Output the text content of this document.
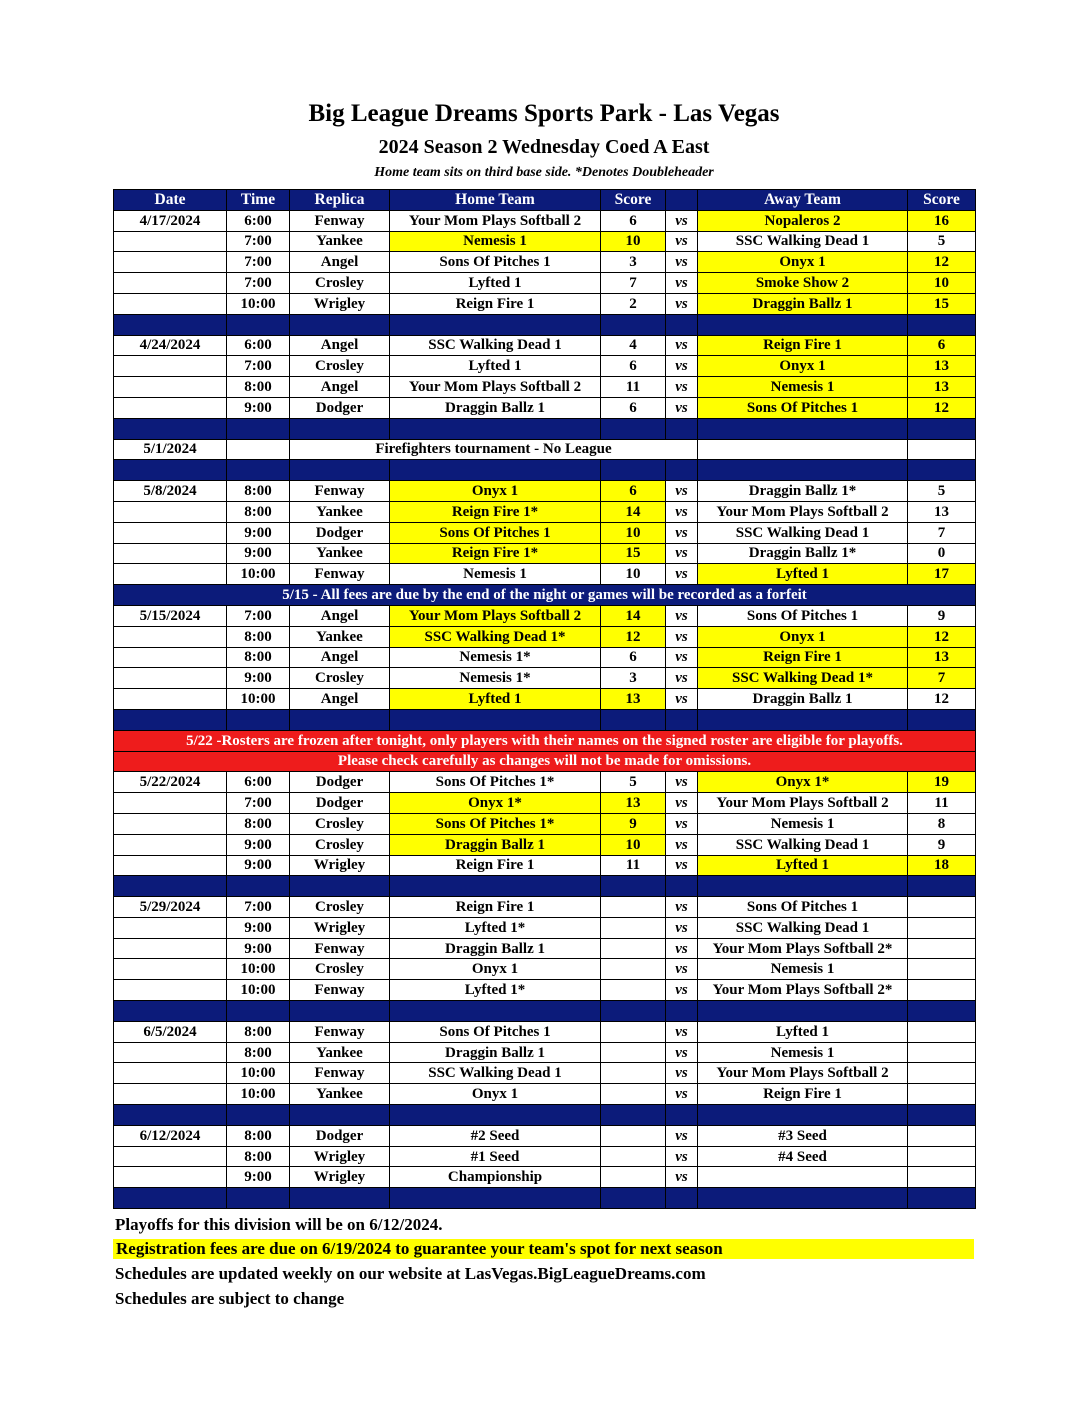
Big League Dreams Sports Park - Las Vegas
2024 Season 2 Wednesday Coed A East
Home team sits on third base side. *Denotes Doubleheader
Date	Time	Replica	Home Team	Score		Away Team	Score
4/17/2024	6:00	Fenway	Your Mom Plays Softball 2	6	vs	Nopaleros 2	16
	7:00	Yankee	Nemesis 1	10	vs	SSC Walking Dead 1	5
	7:00	Angel	Sons Of Pitches 1	3	vs	Onyx 1	12
	7:00	Crosley	Lyfted 1	7	vs	Smoke Show 2	10
	10:00	Wrigley	Reign Fire 1	2	vs	Draggin Ballz 1	15

4/24/2024	6:00	Angel	SSC Walking Dead 1	4	vs	Reign Fire 1	6
	7:00	Crosley	Lyfted 1	6	vs	Onyx 1	13
	8:00	Angel	Your Mom Plays Softball 2	11	vs	Nemesis 1	13
	9:00	Dodger	Draggin Ballz 1	6	vs	Sons Of Pitches 1	12

5/1/2024		Firefighters tournament - No League					

5/8/2024	8:00	Fenway	Onyx 1	6	vs	Draggin Ballz 1*	5
	8:00	Yankee	Reign Fire 1*	14	vs	Your Mom Plays Softball 2	13
	9:00	Dodger	Sons Of Pitches 1	10	vs	SSC Walking Dead 1	7
	9:00	Yankee	Reign Fire 1*	15	vs	Draggin Ballz 1*	0
	10:00	Fenway	Nemesis 1	10	vs	Lyfted 1	17
5/15 - All fees are due by the end of the night or games will be recorded as a forfeit							
5/15/2024	7:00	Angel	Your Mom Plays Softball 2	14	vs	Sons Of Pitches 1	9
	8:00	Yankee	SSC Walking Dead 1*	12	vs	Onyx 1	12
	8:00	Angel	Nemesis 1*	6	vs	Reign Fire 1	13
	9:00	Crosley	Nemesis 1*	3	vs	SSC Walking Dead 1*	7
	10:00	Angel	Lyfted 1	13	vs	Draggin Ballz 1	12

5/22 -Rosters are frozen after tonight, only players with their names on the signed roster are eligible for playoffs.							
Please check carefully as changes will not be made for omissions.							
5/22/2024	6:00	Dodger	Sons Of Pitches 1*	5	vs	Onyx 1*	19
	7:00	Dodger	Onyx 1*	13	vs	Your Mom Plays Softball 2	11
	8:00	Crosley	Sons Of Pitches 1*	9	vs	Nemesis 1	8
	9:00	Crosley	Draggin Ballz 1	10	vs	SSC Walking Dead 1	9
	9:00	Wrigley	Reign Fire 1	11	vs	Lyfted 1	18

5/29/2024	7:00	Crosley	Reign Fire 1		vs	Sons Of Pitches 1	
	9:00	Wrigley	Lyfted 1*		vs	SSC Walking Dead 1	
	9:00	Fenway	Draggin Ballz 1		vs	Your Mom Plays Softball 2*	
	10:00	Crosley	Onyx 1		vs	Nemesis 1	
	10:00	Fenway	Lyfted 1*		vs	Your Mom Plays Softball 2*	

6/5/2024	8:00	Fenway	Sons Of Pitches 1		vs	Lyfted 1	
	8:00	Yankee	Draggin Ballz 1		vs	Nemesis 1	
	10:00	Fenway	SSC Walking Dead 1		vs	Your Mom Plays Softball 2	
	10:00	Yankee	Onyx 1		vs	Reign Fire 1	

6/12/2024	8:00	Dodger	#2 Seed		vs	#3 Seed	
	8:00	Wrigley	#1 Seed		vs	#4 Seed	
	9:00	Wrigley	Championship		vs		

Playoffs for this division will be on 6/12/2024.
Registration fees are due on 6/19/2024 to guarantee your team's spot for next season
Schedules are updated weekly on our website at LasVegas.BigLeagueDreams.com
Schedules are subject to change
